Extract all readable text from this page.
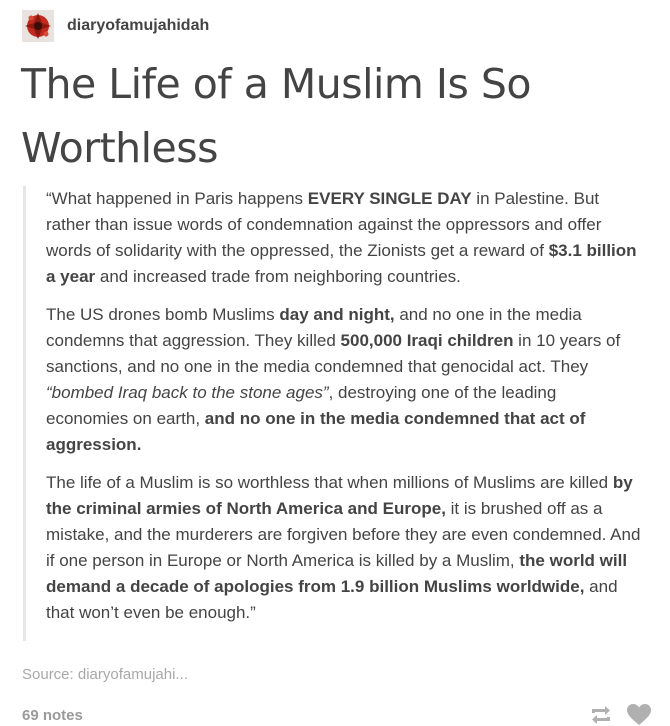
diaryofamujahidah
The Life of a Muslim Is So Worthless

“What happened in Paris happens EVERY SINGLE DAY in Palestine. But rather than issue words of condemnation against the oppressors and offer words of solidarity with the oppressed, the Zionists get a reward of $3.1 billion a year and increased trade from neighboring countries.

The US drones bomb Muslims day and night, and no one in the media condemns that aggression. They killed 500,000 Iraqi children in 10 years of sanctions, and no one in the media condemned that genocidal act. They “bombed Iraq back to the stone ages”, destroying one of the leading economies on earth, and no one in the media condemned that act of aggression.

The life of a Muslim is so worthless that when millions of Muslims are killed by the criminal armies of North America and Europe, it is brushed off as a mistake, and the murderers are forgiven before they are even condemned. And if one person in Europe or North America is killed by a Muslim, the world will demand a decade of apologies from 1.9 billion Muslims worldwide, and that won’t even be enough.”

Source: diaryofamujahi...
69 notes
